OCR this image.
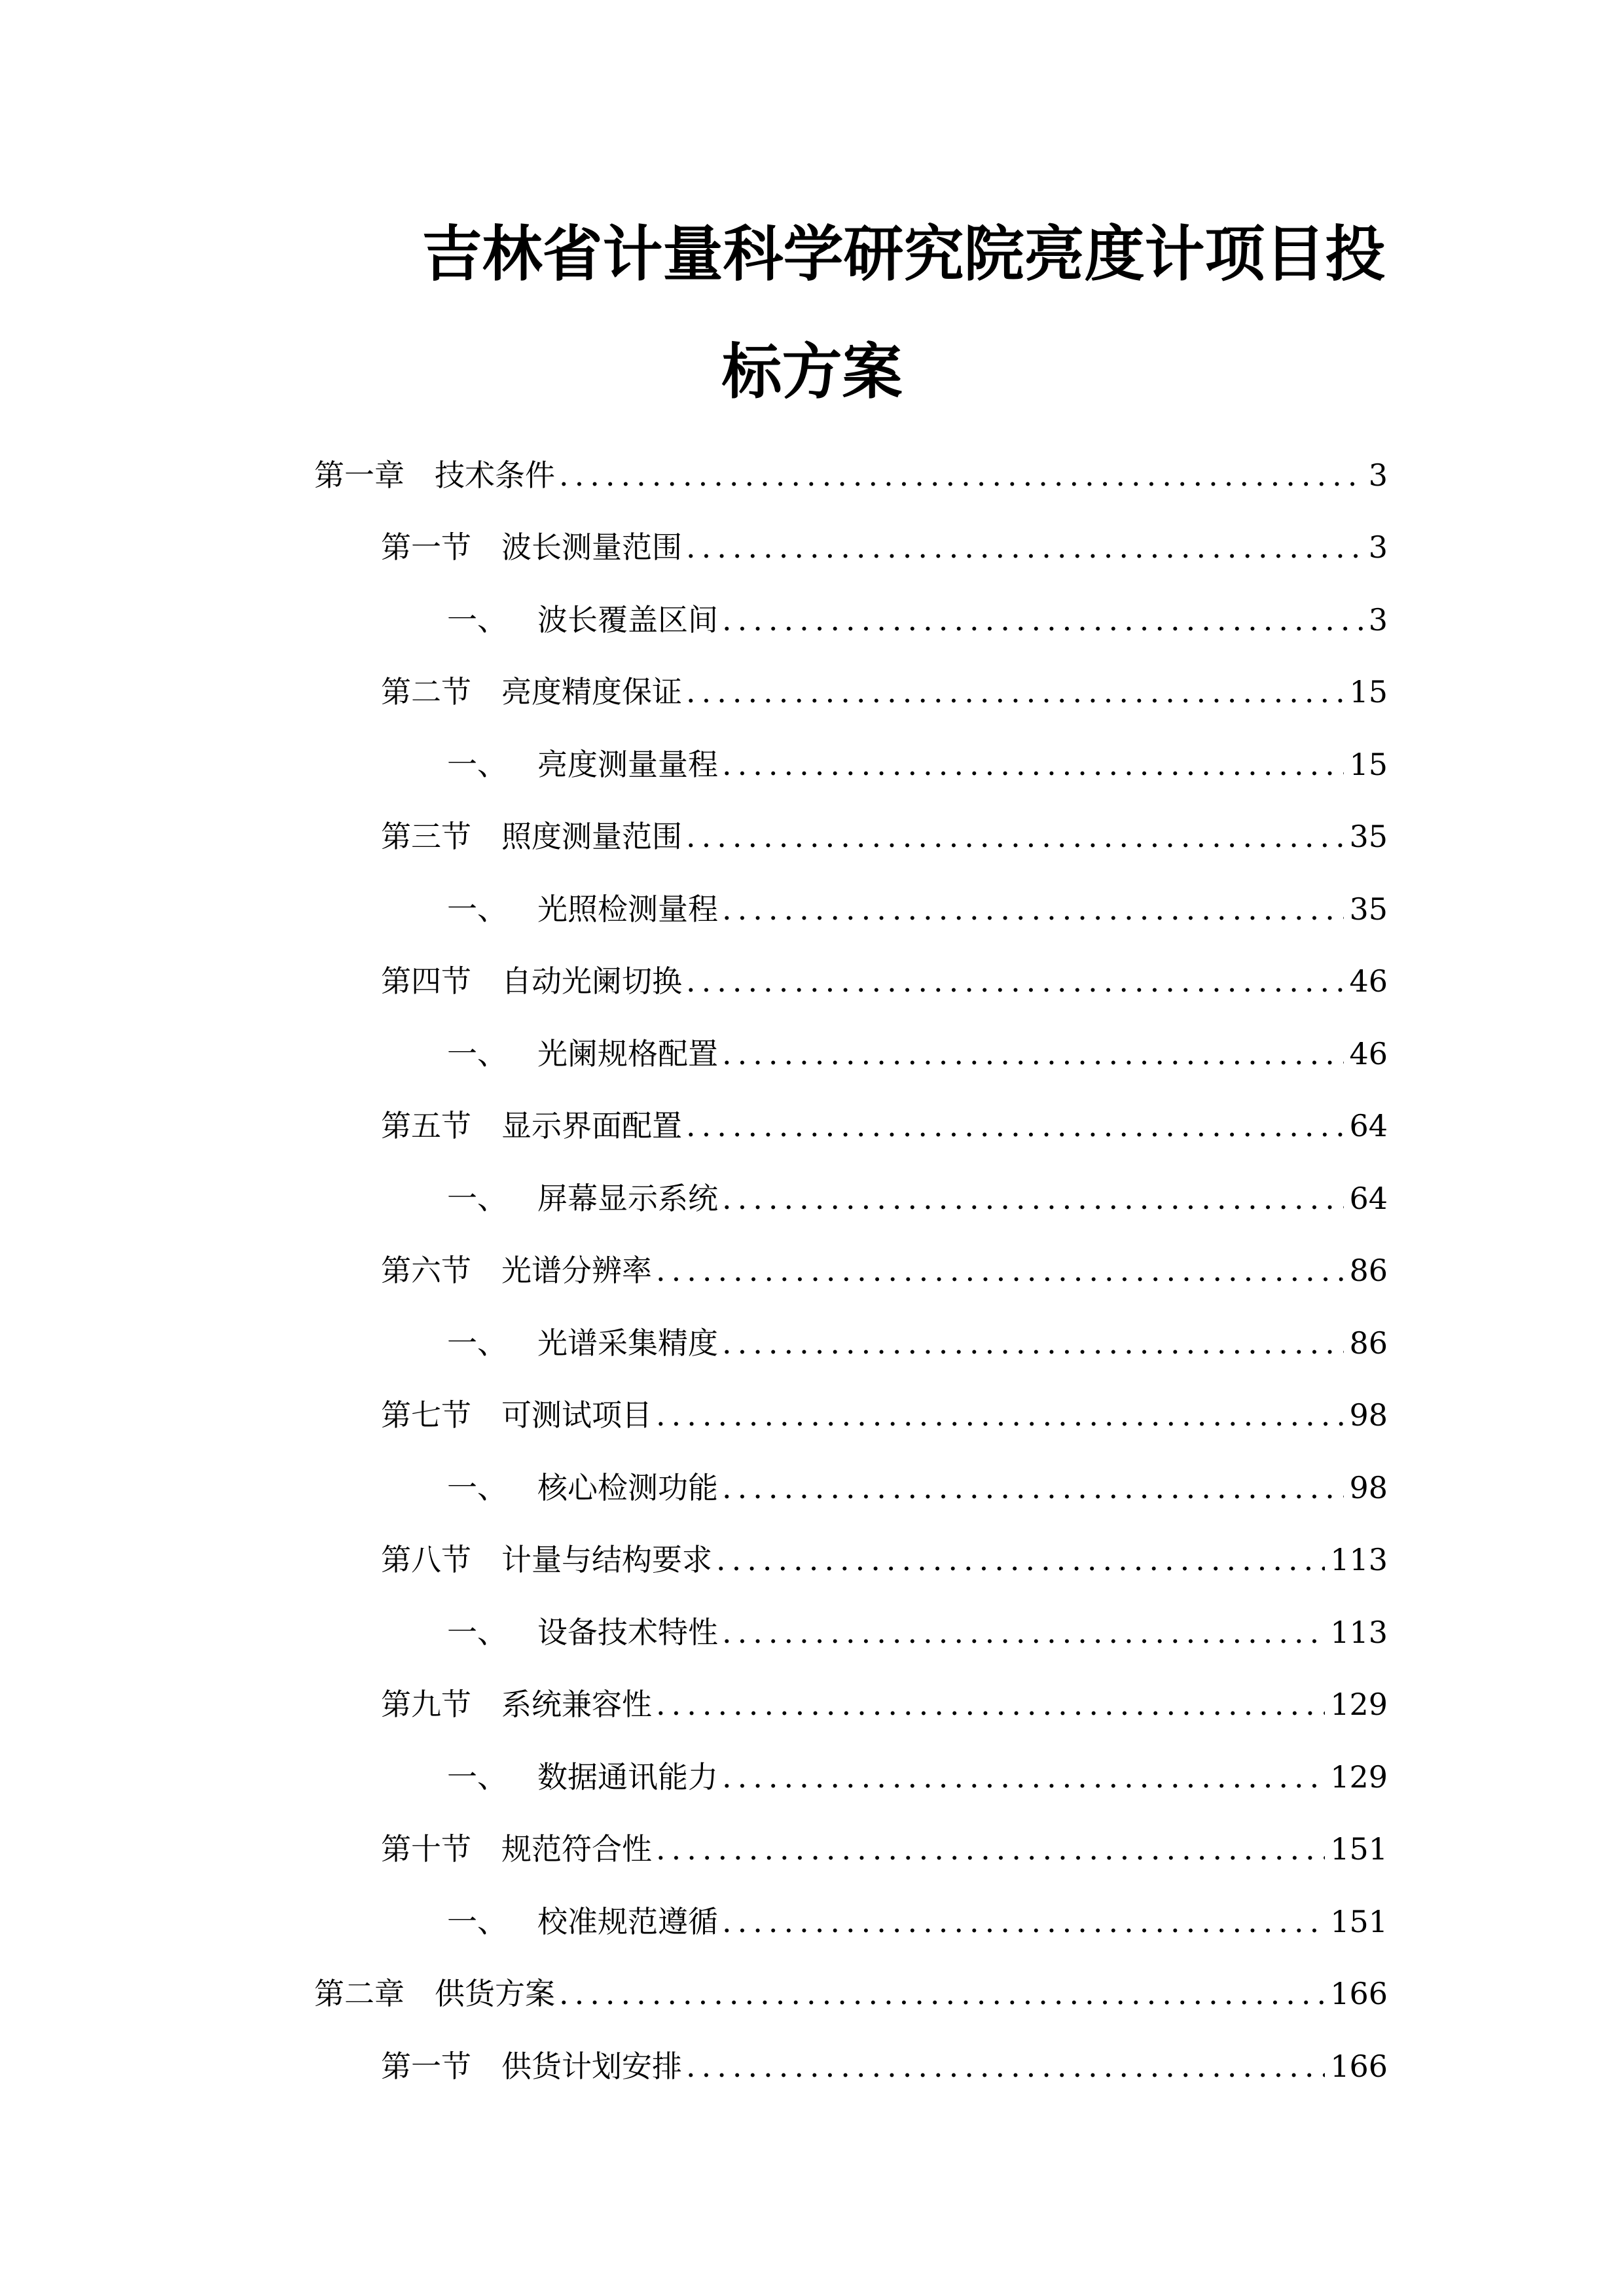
吉林省计量科学研究院亮度计项目投
标方案
第一章 技术条件 .....	3
第一节 波长测量范围 .....	3
一、 波长覆盖区间 .....	3
第二节 亮度精度保证 .....	15
一、 亮度测量量程 .....	15
第三节 照度测量范围 .....	35
一、 光照检测量程 .....	35
第四节 自动光阑切换 .....	46
一、 光阑规格配置 .....	46
第五节 显示界面配置 .....	64
一、 屏幕显示系统 .....	64
第六节 光谱分辨率 .....	86
一、 光谱采集精度 .....	86
第七节 可测试项目 .....	98
一、 核心检测功能 .....	98
第八节 计量与结构要求 .....	113
一、 设备技术特性 .....	113
第九节 系统兼容性 .....	129
一、 数据通讯能力 .....	129
第十节 规范符合性 .....	151
一、 校准规范遵循 .....	151
第二章 供货方案 .....	166
第一节 供货计划安排 .....	166
